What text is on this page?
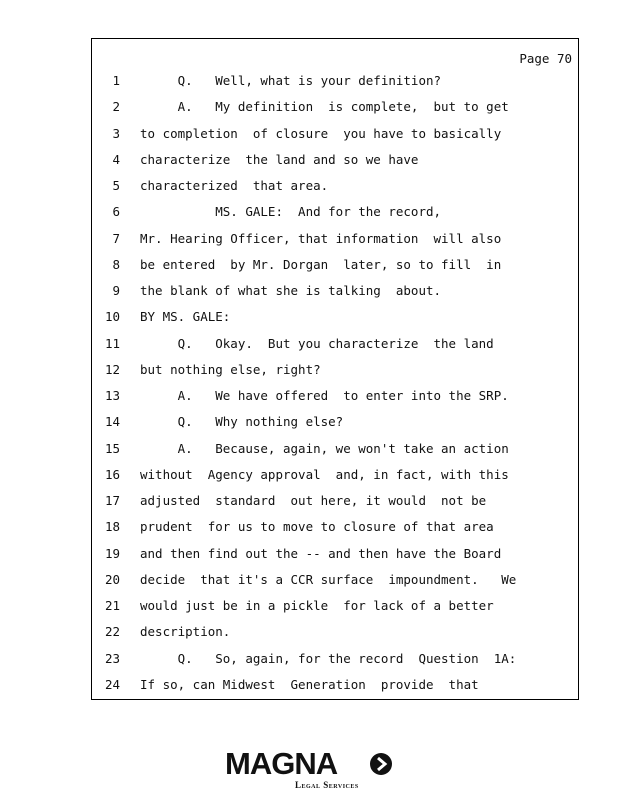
Page 70
1 Q.   Well, what is your definition?
2 A.   My definition  is complete,  but to get
3 to completion  of closure  you have to basically
4 characterize  the land and so we have
5 characterized  that area.
6 MS. GALE:  And for the record,
7 Mr. Hearing Officer, that information  will also
8 be entered  by Mr. Dorgan  later, so to fill  in
9 the blank of what she is talking  about.
10 BY MS. GALE:
11 Q.   Okay.  But you characterize  the land
12 but nothing else, right?
13 A.   We have offered  to enter into the SRP.
14 Q.   Why nothing else?
15 A.   Because, again, we won't take an action
16 without  Agency approval  and, in fact, with this
17 adjusted  standard  out here, it would  not be
18 prudent  for us to move to closure of that area
19 and then find out the -- and then have the Board
20 decide  that it's a CCR surface  impoundment.   We
21 would just be in a pickle  for lack of a better
22 description.
23 Q.   So, again, for the record  Question  1A:
24 If so, can Midwest  Generation  provide  that
MAGNA
Legal Services
